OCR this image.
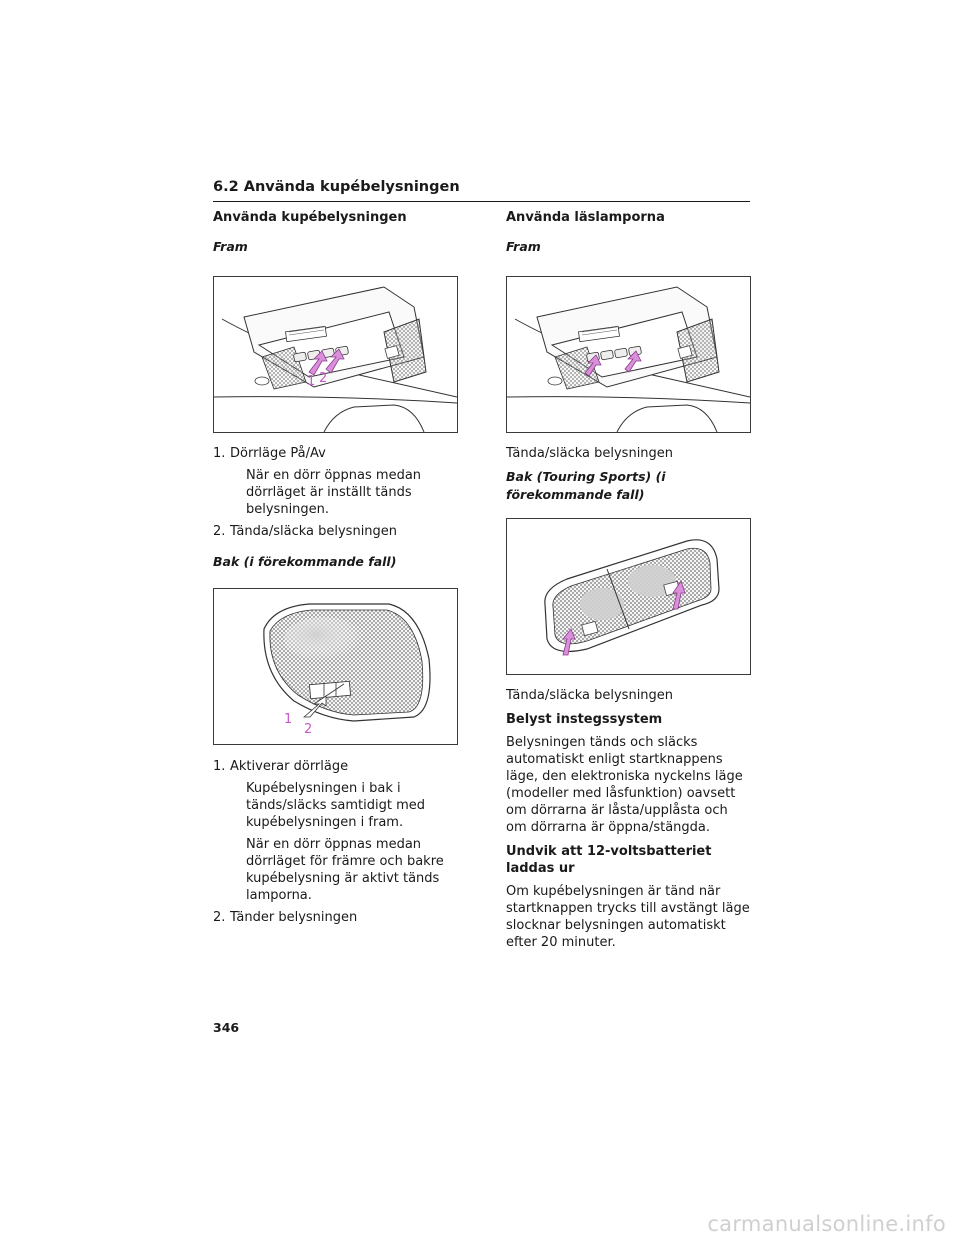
6.2 Använda kupébelysningen
Använda kupébelysningen
Fram
1 2
1. Dörrläge På/Av
När en dörr öppnas medan dörrläget är inställt tänds belysningen.
2. Tända/släcka belysningen
Bak (i förekommande fall)
1
2
1. Aktiverar dörrläge
Kupébelysningen i bak i tänds/släcks samtidigt med kupébelysningen i fram.
När en dörr öppnas medan dörrläget för främre och bakre kupébelysning är aktivt tänds lamporna.
2. Tänder belysningen
Använda läslamporna
Fram

Tända/släcka belysningen

Bak (Touring Sports) (i förekommande fall)

Tända/släcka belysningen

Belyst instegssystem

Belysningen tänds och släcks automatiskt enligt startknappens läge, den elektroniska nyckelns läge (modeller med låsfunktion) oavsett om dörrarna är låsta/upplåsta och om dörrarna är öppna/stängda.

Undvik att 12-voltsbatteriet laddas ur

Om kupébelysningen är tänd när startknappen trycks till avstängt läge slocknar belysningen automatiskt efter 20 minuter.

346
carmanualsonline.info
